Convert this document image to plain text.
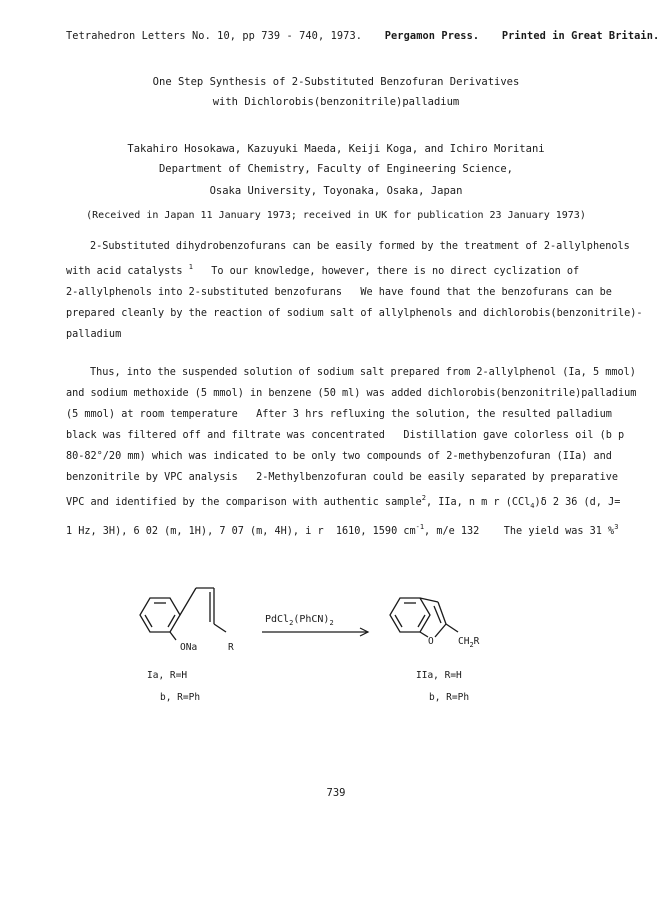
Tetrahedron Letters No. 10, pp 739 - 740, 1973. Pergamon Press. Printed in Great Britain.
One Step Synthesis of 2-Substituted Benzofuran Derivatives
with Dichlorobis(benzonitrile)palladium
Takahiro Hosokawa, Kazuyuki Maeda, Keiji Koga, and Ichiro Moritani
Department of Chemistry, Faculty of Engineering Science,
Osaka University, Toyonaka, Osaka, Japan
(Received in Japan 11 January 1973; received in UK for publication 23 January 1973)

2-Substituted dihydrobenzofurans can be easily formed by the treatment of 2-allylphenols

with acid catalysts $^1$ To our knowledge, however, there is no direct cyclization of

2-allylphenols into 2-substituted benzofurans   We have found that the benzofurans can be

prepared cleanly by the reaction of sodium salt of allylphenols and dichlorobis(benzonitrile)-

palladium

Thus, into the suspended solution of sodium salt prepared from 2-allylphenol (Ia, 5 mmol)

and sodium methoxide (5 mmol) in benzene (50 ml) was added dichlorobis(benzonitrile)palladium

(5 mmol) at room temperature   After 3 hrs refluxing the solution, the resulted palladium

black was filtered off and filtrate was concentrated   Distillation gave colorless oil (b p

80-82°/20 mm) which was indicated to be only two compounds of 2-methybenzofuran (IIa) and

benzonitrile by VPC analysis   2-Methylbenzofuran could be easily separated by preparative

VPC and identified by the comparison with authentic sample$^2$, IIa, n m r (CCl$_4$)δ 2 36 (d, J=

1 Hz, 3H), 6 02 (m, 1H), 7 07 (m, 4H), i r  1610, 1590 $cm^{-1}$, m/e 132    The yield was 31 %$^3$

ONa	R
$PdCl_2(PhCN)_2$
O	$CH_2R$
Ia, R=H
b, R=Ph
IIa, R=H
b, R=Ph
739
